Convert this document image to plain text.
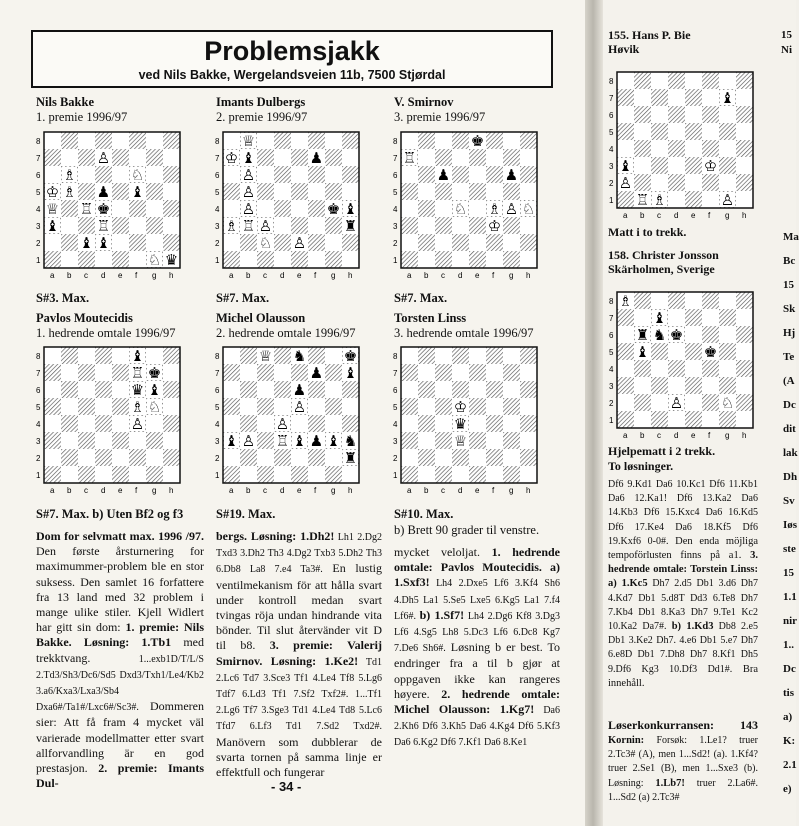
Problemsjakk
ved Nils Bakke, Wergelandsveien 11b, 7500 Stjørdal
Nils Bakke
1. premie 1996/97
Imants Dulbergs
2. premie 1996/97
V. Smirnov
3. premie 1996/97
8
7
6
5
4
3
2
1
a b c d e f g h
♙
♗	♘
♔ ♗ ♟ ♝
♕ ♖ ♚
♝	♖
♝ ♝
♘ ♛
8
7
6
5
4
3
2
1
a b c d e f g h
♕
♔ ♝	♟
♙
♙
♙	♚
♗ ♖ ♙
♝
♜
♘ ♙
8
7
6
5
4
3
2
1
a b c d e f g h
♚
♖
♟	♟
♘ ♗ ♙ ♘
♔
S#3. Max.	S#7. Max.	S#7. Max.
Pavlos Moutecidis
1. hedrende omtale 1996/97
Michel Olausson
2. hedrende omtale 1996/97
Torsten Linss
3. hedrende omtale 1996/97
8
7
6
5
4
3
2
1
a b c d e f g h
♝
♖ ♚
♛ ♝
♗ ♘
♙
8
7
6
5
4
3
2
1
a b c d e f g h
♕ ♞	♚
♟ ♝
♟
♙
♙
♖ ♟ ♞
♝ ♙	♝ ♝
♜
8
7
6
5
4
3
2
1
a b c d e f g h
♔
♛
♕
S#7. Max. b) Uten Bf2 og f3	S#19. Max.	S#10. Max.
b) Brett 90 grader til venstre.
Dom for selvmatt max. 1996 /97. Den første årsturnering for maximummer-problem ble en stor suksess. Den samlet 16 forfattere fra 13 land med 32 problem i mange ulike stiler. Kjell Widlert har gitt sin dom: 1. premie: Nils Bakke. Løsning: 1.Tb1 med trekktvang. 1...exb1D/T/L/S 2.Td3/Sh3/Dc6/Sd5 Dxd3/Txh1/Le4/Kb2 3.a6/Kxa3/Lxa3/Sb4 Dxa6#/Ta1#/Lxc6#/Sc3#. Dommeren sier: Att få fram 4 mycket väl varierade modellmatter etter svart allforvandling är en god prestasjon. 2. premie: Imants Dul-
bergs. Løsning: 1.Dh2! Lh1 2.Dg2 Txd3 3.Dh2 Th3 4.Dg2 Txb3 5.Dh2 Th3 6.Db8 La8 7.e4 Ta3#. En lustig ventilmekanism för att hålla svart under kontroll medan svart tvingas röja undan hindrande vita bönder. Til slut återvänder vit D til b8. 3. premie: Valerij Smirnov. Løsning: 1.Ke2! Td1 2.Lc6 Td7 3.Sce3 Tf1 4.Le4 Tf8 5.Lg6 Tdf7 6.Ld3 Tf1 7.Sf2 Txf2#. 1...Tf1 2.Lg6 Tf7 3.Sge3 Td1 4.Le4 Td8 5.Lc6 Tfd7 6.Lf3 Td1 7.Sd2 Txd2#. Manövern som dubblerar de svarta tornen på samma linje er effektfull och fungerar
mycket veloljat. 1. hedrende omtale: Pavlos Moutecidis. a) 1.Sxf3! Lh4 2.Dxe5 Lf6 3.Kf4 Sh6 4.Dh5 La1 5.Se5 Lxe5 6.Kg5 La1 7.f4 Lf6#. b) 1.Sf7! Lh4 2.Dg6 Kf8 3.Dg3 Lf6 4.Sg5 Lh8 5.Dc3 Lf6 6.Dc8 Kg7 7.De6 Sh6#. Løsning b er best. To endringer fra a til b gjør at oppgaven ikke kan rangeres høyere. 2. hedrende omtale: Michel Olausson: 1.Kg7! Da6 2.Kh6 Df6 3.Kh5 Da6 4.Kg4 Df6 5.Kf3 Da6 6.Kg2 Df6 7.Kf1 Da6 8.Ke1
- 34 -
155. Hans P. Bie
Høvik
8
7
6
5
4
3
2
1
a b c d e f g h
♝
♝	♔
♙
♖ ♗	♙
Matt i to trekk.
158. Christer Jonsson
Skärholmen, Sverige
8
7
6
5
4
3
2
1
a b c d e f g h
♗
♝
♞
♜ ♚
♝	♚
♙	♘
Hjelpematt i 2 trekk.
To løsninger.
Df6 9.Kd1 Da6 10.Kc1 Df6 11.Kb1 Da6 12.Ka1! Df6 13.Ka2 Da6 14.Kb3 Df6 15.Kxc4 Da6 16.Kd5 Df6 17.Ke4 Da6 18.Kf5 Df6 19.Kxf6 0-0#. Den enda möjliga tempoförlusten finns på a1. 3. hedrende omtale: Torstein Linss: a) 1.Kc5 Dh7 2.d5 Db1 3.d6 Dh7 4.Kd7 Db1 5.d8T Dd3 6.Te8 Dh7 7.Kb4 Db1 8.Ka3 Dh7 9.Te1 Kc2 10.Ka2 Da7#. b) 1.Kd3 Db8 2.e5 Db1 3.Ke2 Dh7. 4.e6 Db1 5.e7 Dh7 6.e8D Db1 7.Dh8 Dh7 8.Kf1 Dh5 9.Df6 Kg3 10.Df3 Dd1#. Bra innehåll.
Løserkonkurransen: 143
Kornin: Forsøk: 1.Le1? truer 2.Tc3# (A), men 1...Sd2! (a). 1.Kf4? truer 2.Se1 (B), men 1...Sxe3 (b). Løsning: 1.Lb7! truer 2.La6#. 1...Sd2 (a) 2.Tc3#
15
Ni
Ma
Bc
15
Sk
Hj
Te
(A
Dc
dit
lak
Dh
Sv
Iøs
ste
15
1.1
nir
1..
Dc
tis
a)
K:
2.1
e)
